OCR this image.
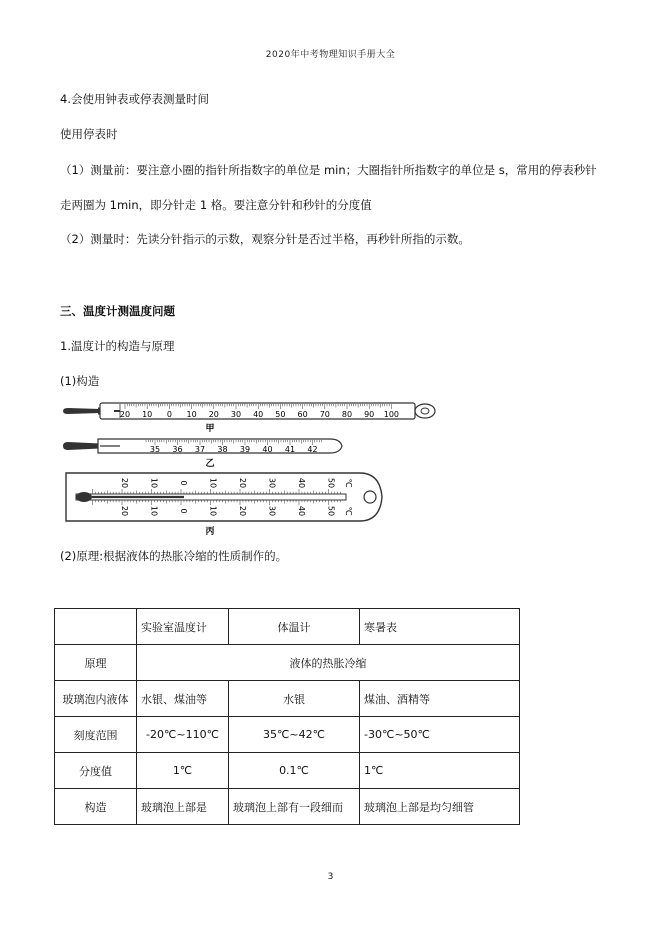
2020年中考物理知识手册大全
4.会使用钟表或停表测量时间
使用停表时
（1）测量前：要注意小圈的指针所指数字的单位是 min；大圈指针所指数字的单位是 s，常用的停表秒针
走两圈为 1min，即分针走 1 格。要注意分针和秒针的分度值
（2）测量时：先读分针指示的示数，观察分针是否过半格，再秒针所指的示数。
三、温度计测温度问题
1.温度计的构造与原理
(1)构造
20 10 0 10 20 30 40 50 60 70 80 90 100
甲
35 36 37 38 39 40 41 42
乙
20
20
10
10
0
0
10
10
20
20
30
30
40
40
50
50
℃
℃
丙
(2)原理:根据液体的热胀冷缩的性质制作的。
	实验室温度计	体温计	寒暑表
原理	液体的热胀冷缩		
玻璃泡内液体	水银、煤油等	水银	煤油、酒精等
刻度范围	-20℃~110℃	35℃~42℃	-30℃~50℃
分度值	1℃	0.1℃	1℃
构造	玻璃泡上部是	玻璃泡上部有一段细而	玻璃泡上部是均匀细管
3
